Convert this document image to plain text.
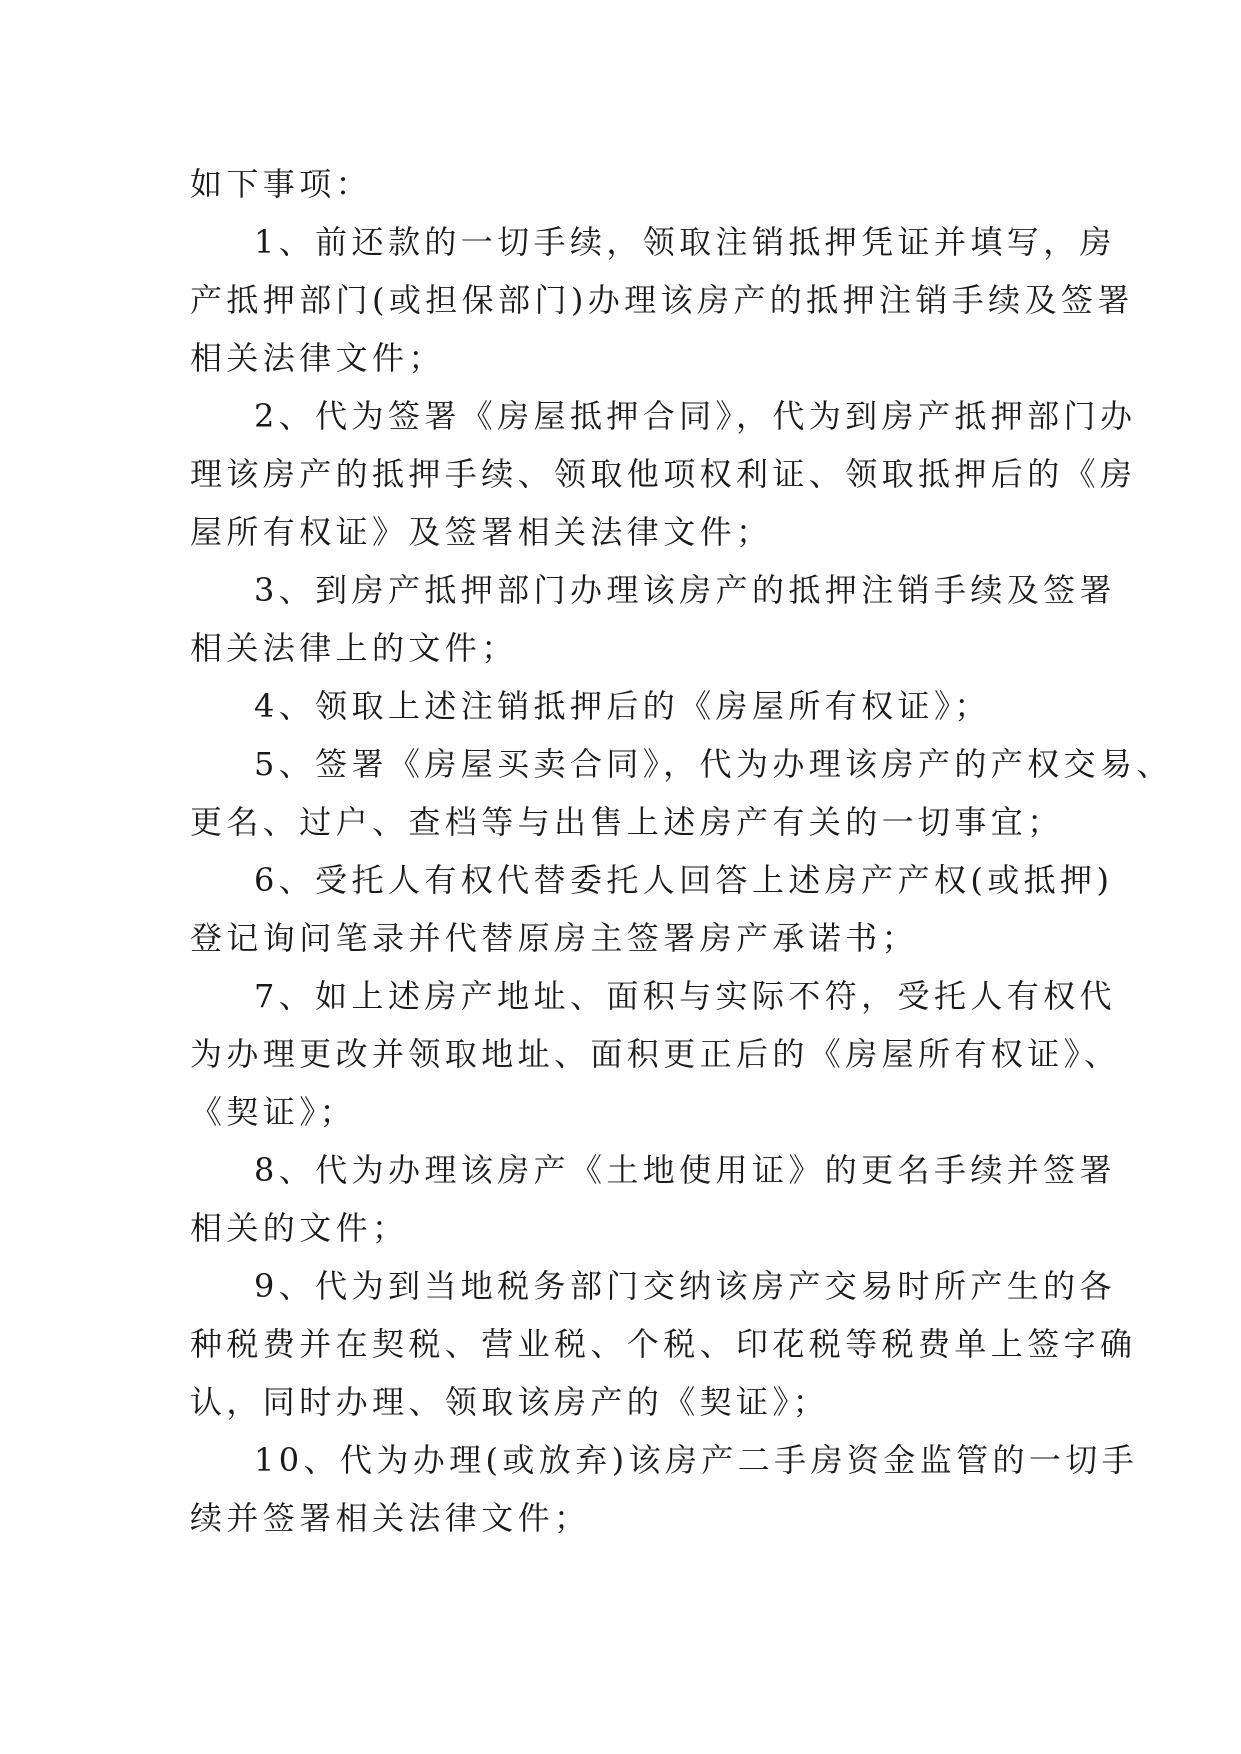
如下事项：
1、前还款的一切手续，领取注销抵押凭证并填写，房
产抵押部门(或担保部门)办理该房产的抵押注销手续及签署
相关法律文件；
2、代为签署《房屋抵押合同》，代为到房产抵押部门办
理该房产的抵押手续、领取他项权利证、领取抵押后的《房
屋所有权证》及签署相关法律文件；
3、到房产抵押部门办理该房产的抵押注销手续及签署
相关法律上的文件；
4、领取上述注销抵押后的《房屋所有权证》；
5、签署《房屋买卖合同》，代为办理该房产的产权交易、
更名、过户、查档等与出售上述房产有关的一切事宜；
6、受托人有权代替委托人回答上述房产产权(或抵押)
登记询问笔录并代替原房主签署房产承诺书；
7、如上述房产地址、面积与实际不符，受托人有权代
为办理更改并领取地址、面积更正后的《房屋所有权证》、
《契证》；
8、代为办理该房产《土地使用证》的更名手续并签署
相关的文件；
9、代为到当地税务部门交纳该房产交易时所产生的各
种税费并在契税、营业税、个税、印花税等税费单上签字确
认，同时办理、领取该房产的《契证》；
10、代为办理(或放弃)该房产二手房资金监管的一切手
续并签署相关法律文件；
